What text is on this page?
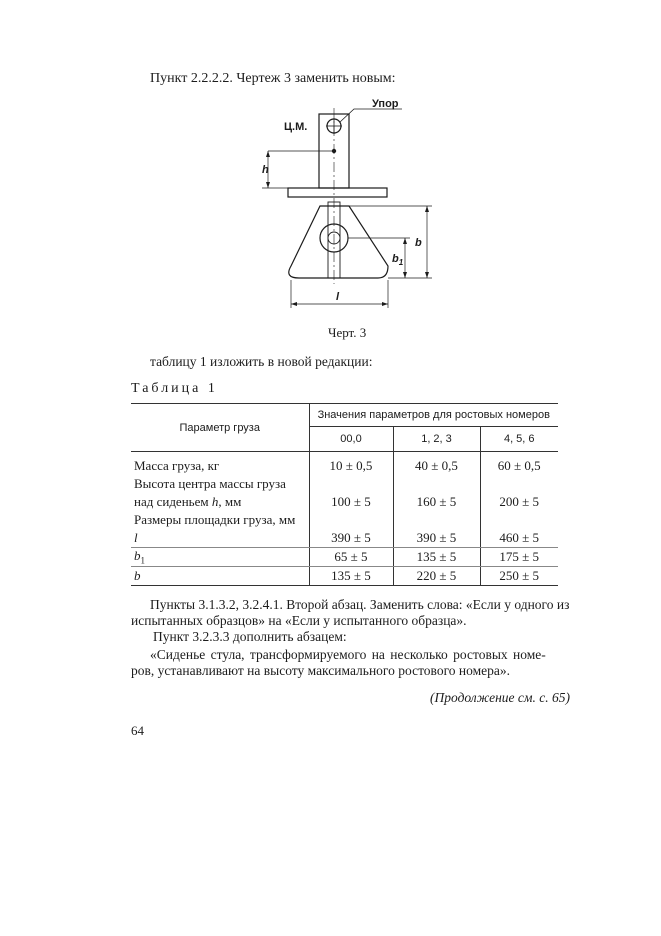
Пункт 2.2.2.2. Чертеж 3 заменить новым:
Упор
Ц.М.
h
b
$b_1$
l
Черт. 3
таблицу 1 изложить в новой редакции:
Таблица 1
Параметр груза	Значения параметров для ростовых номеров		
	00,0	1, 2, 3	4, 5, 6
Масса груза, кг	10 ± 0,5	40 ± 0,5	60 ± 0,5
Высота центра массы груза			
над сиденьем h, мм	100 ± 5	160 ± 5	200 ± 5
Размеры площадки груза, мм			
l	390 ± 5	390 ± 5	460 ± 5
$b_1$	65 ± 5	135 ± 5	175 ± 5
b	135 ± 5	220 ± 5	250 ± 5
Пункты 3.1.3.2, 3.2.4.1. Второй абзац. Заменить слова: «Если у одного из
испытанных образцов» на «Если у испытанного образца».
Пункт 3.2.3.3 дополнить абзацем:
«Сиденье стула, трансформируемого на несколько ростовых номе-
ров, устанавливают на высоту максимального ростового номера».
(Продолжение см. с. 65)
64
